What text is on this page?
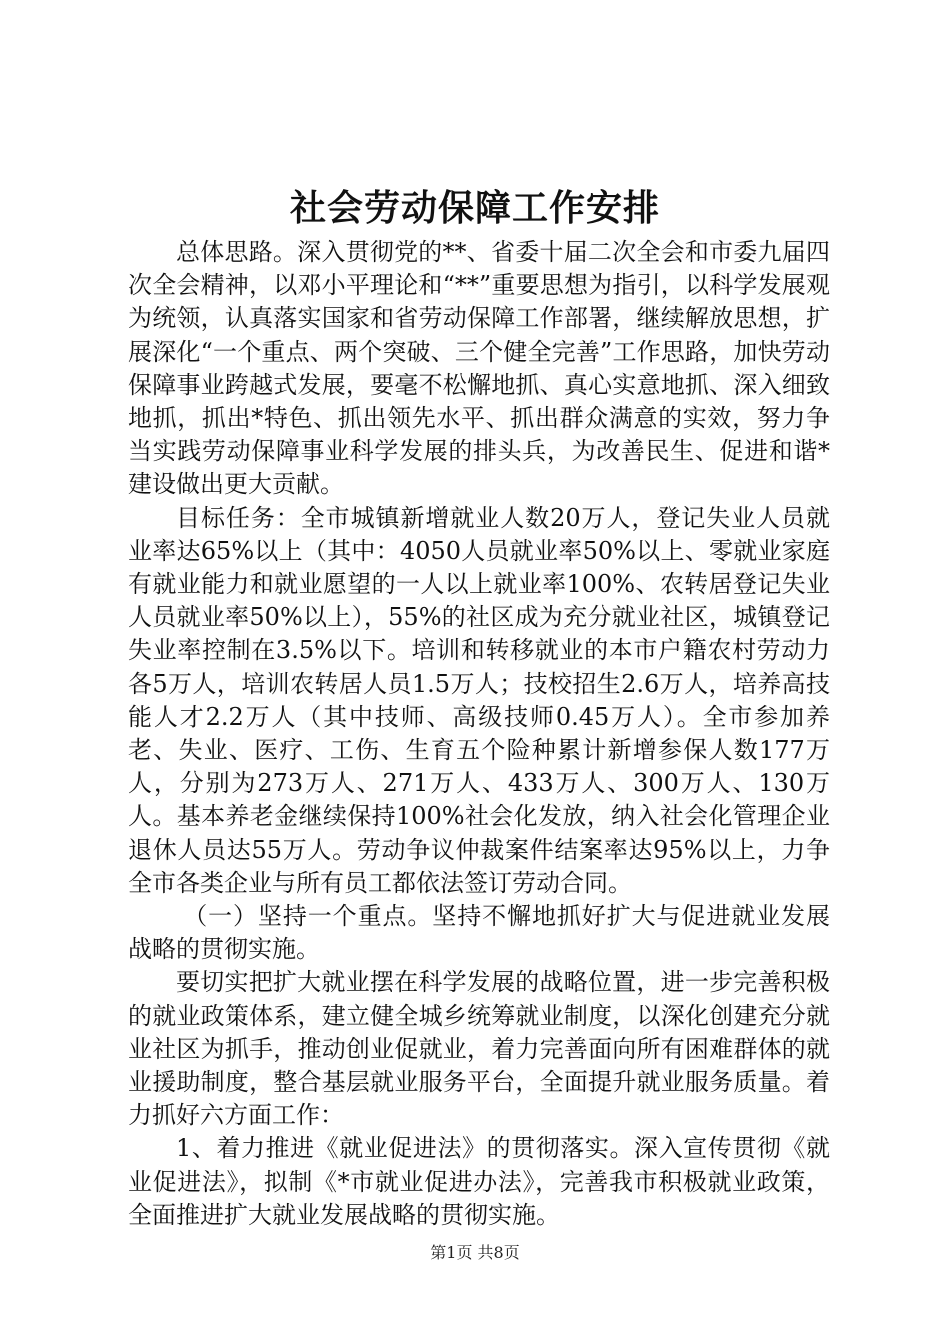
社会劳动保障工作安排

总体思路。深入贯彻党的**、省委十届二次全会和市委九届四次全会精神，以邓小平理论和“**”重要思想为指引，以科学发展观为统领，认真落实国家和省劳动保障工作部署，继续解放思想，扩展深化“一个重点、两个突破、三个健全完善”工作思路，加快劳动保障事业跨越式发展，要毫不松懈地抓、真心实意地抓、深入细致地抓，抓出*特色、抓出领先水平、抓出群众满意的实效，努力争当实践劳动保障事业科学发展的排头兵，为改善民生、促进和谐*建设做出更大贡献。

目标任务：全市城镇新增就业人数20万人，登记失业人员就业率达65%以上（其中：4050人员就业率50%以上、零就业家庭有就业能力和就业愿望的一人以上就业率100%、农转居登记失业人员就业率50%以上），55%的社区成为充分就业社区，城镇登记失业率控制在3.5%以下。培训和转移就业的本市户籍农村劳动力各5万人，培训农转居人员1.5万人；技校招生2.6万人，培养高技能人才2.2万人（其中技师、高级技师0.45万人）。全市参加养老、失业、医疗、工伤、生育五个险种累计新增参保人数177万人，分别为273万人、271万人、433万人、300万人、130万人。基本养老金继续保持100%社会化发放，纳入社会化管理企业退休人员达55万人。劳动争议仲裁案件结案率达95%以上，力争全市各类企业与所有员工都依法签订劳动合同。

（一）坚持一个重点。坚持不懈地抓好扩大与促进就业发展战略的贯彻实施。

要切实把扩大就业摆在科学发展的战略位置，进一步完善积极的就业政策体系，建立健全城乡统筹就业制度，以深化创建充分就业社区为抓手，推动创业促就业，着力完善面向所有困难群体的就业援助制度，整合基层就业服务平台，全面提升就业服务质量。着力抓好六方面工作：

1、着力推进《就业促进法》的贯彻落实。深入宣传贯彻《就业促进法》，拟制《*市就业促进办法》，完善我市积极就业政策，全面推进扩大就业发展战略的贯彻实施。

第1页 共8页
